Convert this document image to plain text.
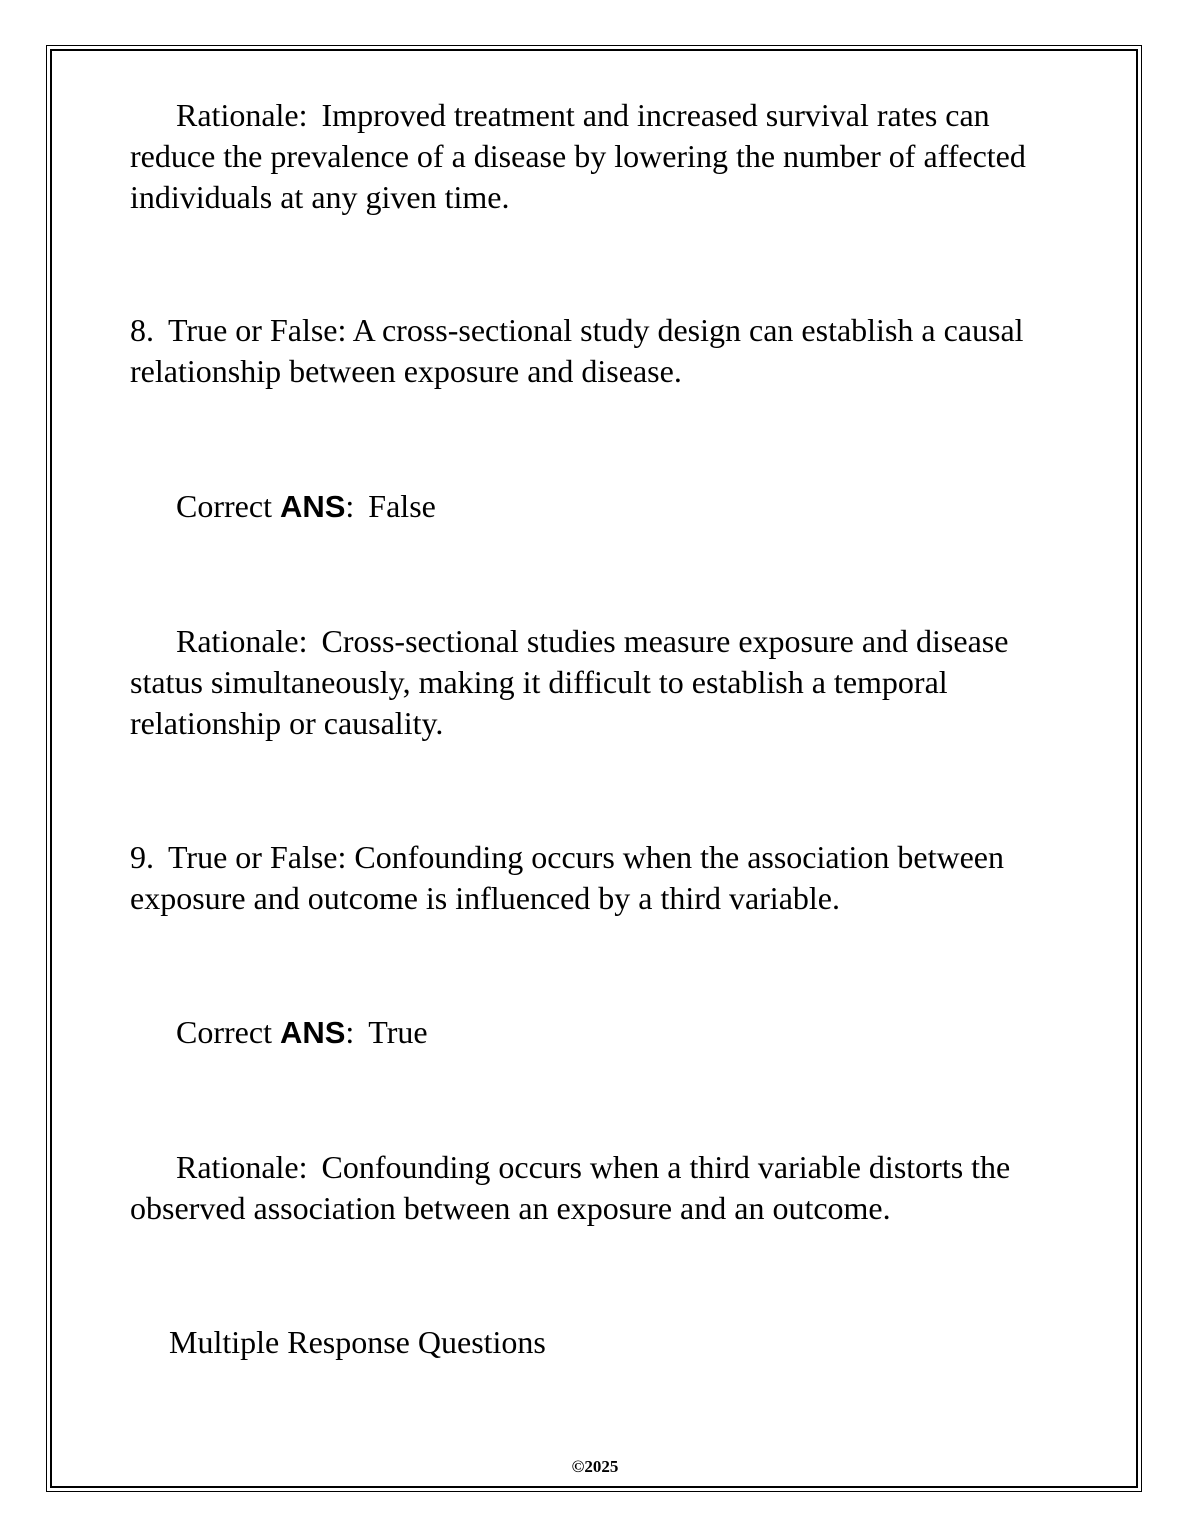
Rationale: Improved treatment and increased survival rates can reduce the prevalence of a disease by lowering the number of affected individuals at any given time.
8. True or False: A cross-sectional study design can establish a causal relationship between exposure and disease.
Correct ANS: False
Rationale: Cross-sectional studies measure exposure and disease status simultaneously, making it difficult to establish a temporal relationship or causality.
9. True or False: Confounding occurs when the association between exposure and outcome is influenced by a third variable.
Correct ANS: True
Rationale: Confounding occurs when a third variable distorts the observed association between an exposure and an outcome.
Multiple Response Questions
©2025
